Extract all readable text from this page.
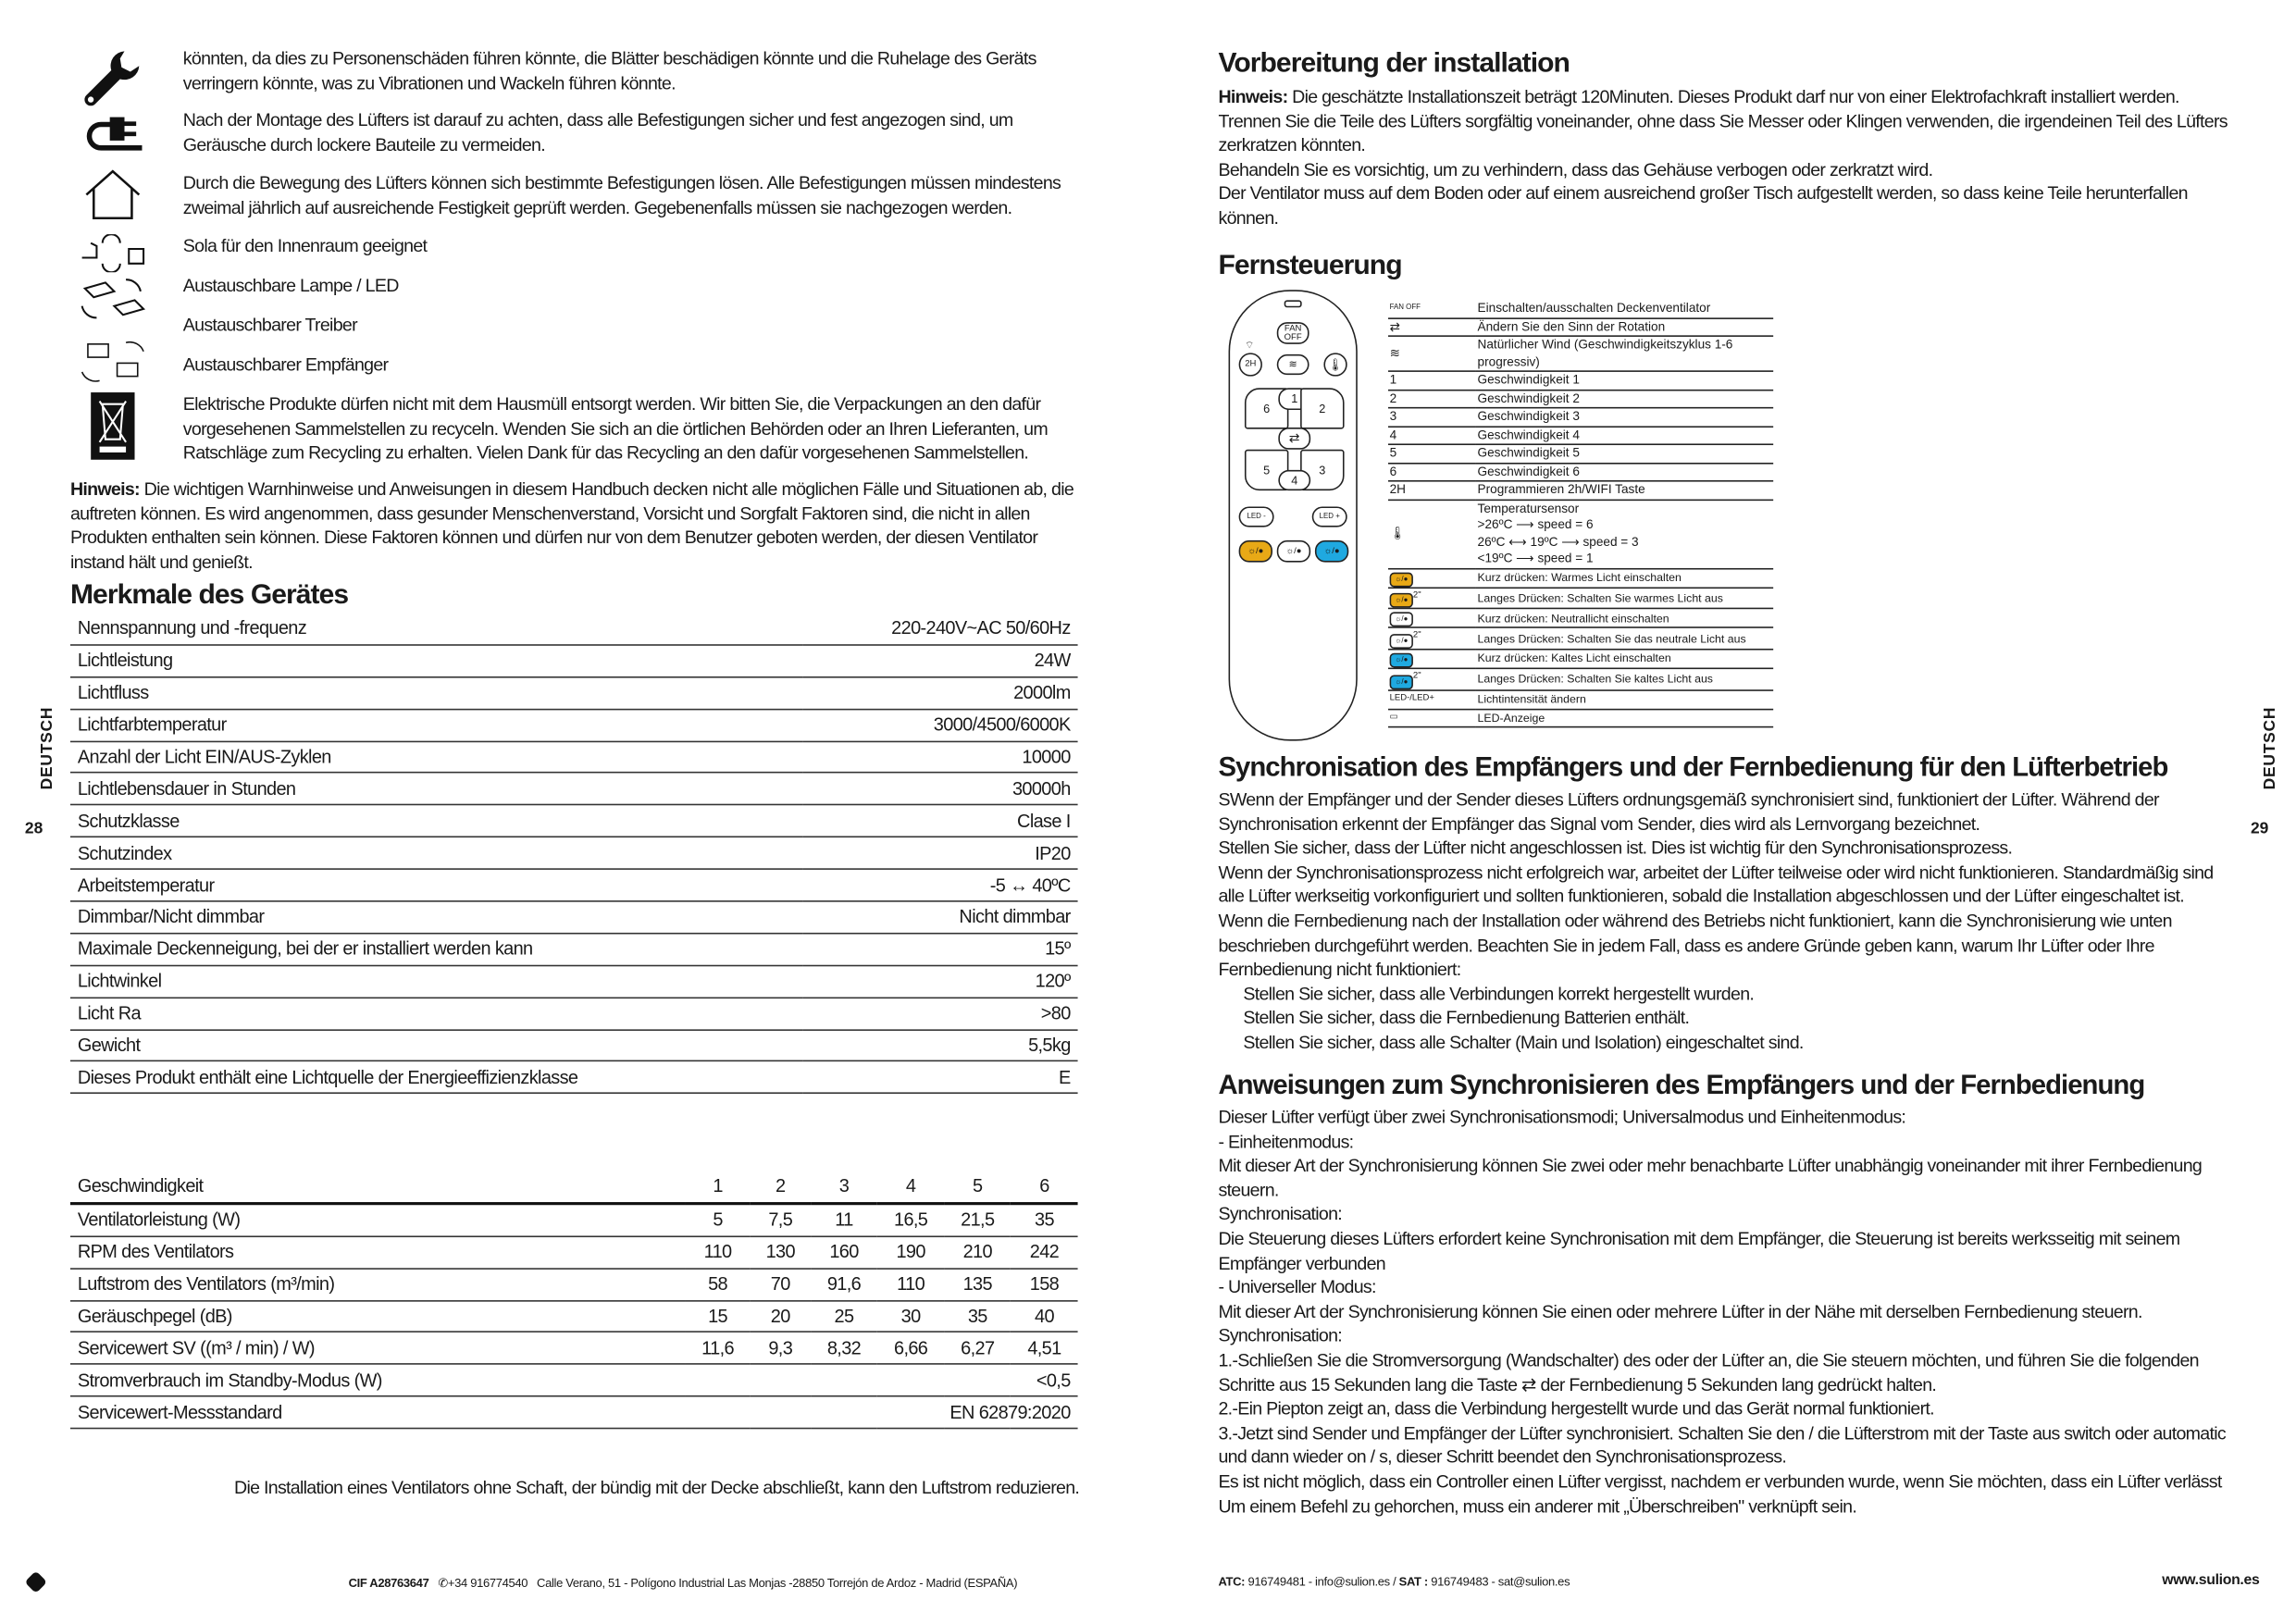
könnten, da dies zu Personenschäden führen könnte, die Blätter beschädigen könnte und die Ruhelage des Geräts verringern könnte, was zu Vibrationen und Wackeln führen könnte.

Nach der Montage des Lüfters ist darauf zu achten, dass alle Befestigungen sicher und fest angezogen sind, um Geräusche durch lockere Bauteile zu vermeiden.

Durch die Bewegung des Lüfters können sich bestimmte Befestigungen lösen. Alle Befestigungen müssen mindestens zweimal jährlich auf ausreichende Festigkeit geprüft werden. Gegebenenfalls müssen sie nachgezogen werden.

Sola für den Innenraum geeignet

Austauschbare Lampe / LED

Austauschbarer Treiber

Austauschbarer Empfänger

Elektrische Produkte dürfen nicht mit dem Hausmüll entsorgt werden. Wir bitten Sie, die Verpackungen an den dafür vorgesehenen Sammelstellen zu recyceln. Wenden Sie sich an die örtlichen Behörden oder an Ihren Lieferanten, um Ratschläge zum Recycling zu erhalten. Vielen Dank für das Recycling an den dafür vorgesehenen Sammelstellen.

Hinweis: Die wichtigen Warnhinweise und Anweisungen in diesem Handbuch decken nicht alle möglichen Fälle und Situationen ab, die auftreten können. Es wird angenommen, dass gesunder Menschenverstand, Vorsicht und Sorgfalt Faktoren sind, die nicht in allen Produkten enthalten sein können. Diese Faktoren können und dürfen nur von dem Benutzer geboten werden, der diesen Ventilator instand hält und genießt.

Merkmale des Gerätes
Nennspannung und -frequenz	220-240V~AC 50/60Hz
Lichtleistung	24W
Lichtfluss	2000lm
Lichtfarbtemperatur	3000/4500/6000K
Anzahl der Licht EIN/AUS-Zyklen	10000
Lichtlebensdauer in Stunden	30000h
Schutzklasse	Clase I
Schutzindex	IP20
Arbeitstemperatur	-5 ↔ 40ºC
Dimmbar/Nicht dimmbar	Nicht dimmbar
Maximale Deckenneigung, bei der er installiert werden kann	15º
Lichtwinkel	120º
Licht Ra	>80
Gewicht	5,5kg
Dieses Produkt enthält eine Lichtquelle der Energieeffizienzklasse	E
Geschwindigkeit	1	2	3	4	5	6
Ventilatorleistung (W)	5	7,5	11	16,5	21,5	35
RPM des Ventilators	110	130	160	190	210	242
Luftstrom des Ventilators (m³/min)	58	70	91,6	110	135	158
Geräuschpegel (dB)	15	20	25	30	35	40
Servicewert SV ((m³ / min) / W)	11,6	9,3	8,32	6,66	6,27	4,51
Stromverbrauch im Standby-Modus (W)	<0,5					
Servicewert-Messstandard	EN 62879:2020					

Die Installation eines Ventilators ohne Schaft, der bündig mit der Decke abschließt, kann den Luftstrom reduzieren.

DEUTSCH
28
CIF A28763647 ✆+34 916774540 Calle Verano, 51 - Polígono Industrial Las Monjas -28850 Torrejón de Ardoz - Madrid (ESPAÑA)
Vorbereitung der installation
Hinweis: Die geschätzte Installationszeit beträgt 120Minuten. Dieses Produkt darf nur von einer Elektrofachkraft installiert werden.
Trennen Sie die Teile des Lüfters sorgfältig voneinander, ohne dass Sie Messer oder Klingen verwenden, die irgendeinen Teil des Lüfters zerkratzen könnten.
Behandeln Sie es vorsichtig, um zu verhindern, dass das Gehäuse verbogen oder zerkratzt wird.
Der Ventilator muss auf dem Boden oder auf einem ausreichend großer Tisch aufgestellt werden, so dass keine Teile herunterfallen können.
Fernsteuerung
FAN OFF
⌔
2H	≋	🌡
6
1
2
⇄
5
4
3
LED -	LED +
☼/●	☼/●	☼/●
FAN OFF	Einschalten/ausschalten Deckenventilator
⇄	Ändern Sie den Sinn der Rotation
≋	Natürlicher Wind (Geschwindigkeitszyklus 1-6 progressiv)
1	Geschwindigkeit 1
2	Geschwindigkeit 2
3	Geschwindigkeit 3
4	Geschwindigkeit 4
5	Geschwindigkeit 5
6	Geschwindigkeit 6
2H	Programmieren 2h/WIFI Taste
🌡	Temperatursensor
>26ºC ⟶ speed = 6
26ºC ⟷ 19ºC ⟶ speed = 3
<19ºC ⟶ speed = 1

☼/●	Kurz drücken: Warmes Licht einschalten
☼/●$^{2"}$	Langes Drücken: Schalten Sie warmes Licht aus
☼/●	Kurz drücken: Neutrallicht einschalten
☼/●$^{2"}$	Langes Drücken: Schalten Sie das neutrale Licht aus
☼/●	Kurz drücken: Kaltes Licht einschalten
☼/●$^{2"}$	Langes Drücken: Schalten Sie kaltes Licht aus
LED-/LED+	Lichtintensität ändern
▭	LED-Anzeige
Synchronisation des Empfängers und der Fernbedienung für den Lüfterbetrieb
SWenn der Empfänger und der Sender dieses Lüfters ordnungsgemäß synchronisiert sind, funktioniert der Lüfter. Während der Synchronisation erkennt der Empfänger das Signal vom Sender, dies wird als Lernvorgang bezeichnet.
Stellen Sie sicher, dass der Lüfter nicht angeschlossen ist. Dies ist wichtig für den Synchronisationsprozess.
Wenn der Synchronisationsprozess nicht erfolgreich war, arbeitet der Lüfter teilweise oder wird nicht funktionieren. Standardmäßig sind alle Lüfter werkseitig vorkonfiguriert und sollten funktionieren, sobald die Installation abgeschlossen und der Lüfter eingeschaltet ist.
Wenn die Fernbedienung nach der Installation oder während des Betriebs nicht funktioniert, kann die Synchronisierung wie unten beschrieben durchgeführt werden. Beachten Sie in jedem Fall, dass es andere Gründe geben kann, warum Ihr Lüfter oder Ihre Fernbedienung nicht funktioniert:
Stellen Sie sicher, dass alle Verbindungen korrekt hergestellt wurden.
Stellen Sie sicher, dass die Fernbedienung Batterien enthält.
Stellen Sie sicher, dass alle Schalter (Main und Isolation) eingeschaltet sind.
Anweisungen zum Synchronisieren des Empfängers und der Fernbedienung
Dieser Lüfter verfügt über zwei Synchronisationsmodi; Universalmodus und Einheitenmodus:
- Einheitenmodus:
Mit dieser Art der Synchronisierung können Sie zwei oder mehr benachbarte Lüfter unabhängig voneinander mit ihrer Fernbedienung steuern.
Synchronisation:
Die Steuerung dieses Lüfters erfordert keine Synchronisation mit dem Empfänger, die Steuerung ist bereits werksseitig mit seinem Empfänger verbunden
- Universeller Modus:
Mit dieser Art der Synchronisierung können Sie einen oder mehrere Lüfter in der Nähe mit derselben Fernbedienung steuern.
Synchronisation:
1.-Schließen Sie die Stromversorgung (Wandschalter) des oder der Lüfter an, die Sie steuern möchten, und führen Sie die folgenden Schritte aus 15 Sekunden lang die Taste ⇄ der Fernbedienung 5 Sekunden lang gedrückt halten.
2.-Ein Piepton zeigt an, dass die Verbindung hergestellt wurde und das Gerät normal funktioniert.
3.-Jetzt sind Sender und Empfänger der Lüfter synchronisiert. Schalten Sie den / die Lüfterstrom mit der Taste aus switch oder automatic und dann wieder on / s, dieser Schritt beendet den Synchronisationsprozess.
Es ist nicht möglich, dass ein Controller einen Lüfter vergisst, nachdem er verbunden wurde, wenn Sie möchten, dass ein Lüfter verlässt Um einem Befehl zu gehorchen, muss ein anderer mit „Überschreiben" verknüpft sein.
DEUTSCH
29
ATC: 916749481 - info@sulion.es / SAT : 916749483 - sat@sulion.es	www.sulion.es
